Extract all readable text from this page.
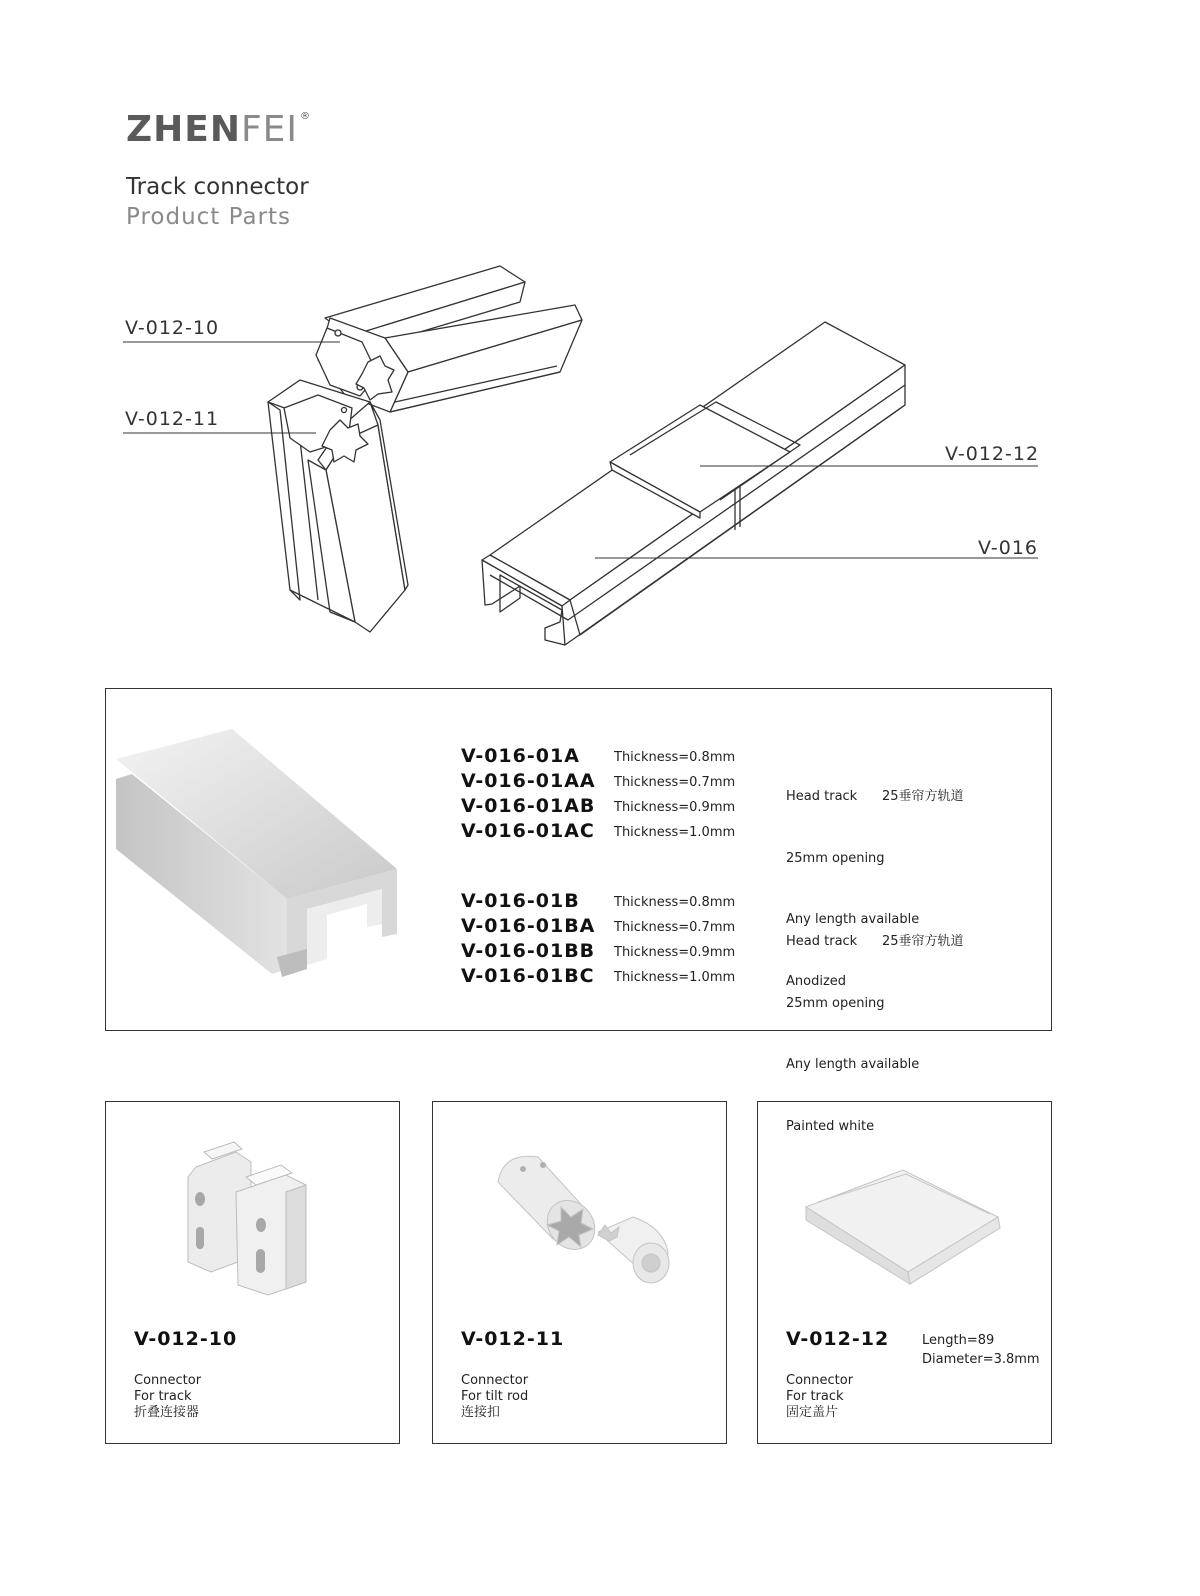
ZHENFEI ®
Track connector
Product Parts
V-012-10
V-012-11
V-012-12
V-016
V-016-01A
V-016-01AA
V-016-01AB
V-016-01AC
Thickness=0.8mm
Thickness=0.7mm
Thickness=0.9mm
Thickness=1.0mm

Head track      25垂帘方轨道

25mm opening

Any length available

Anodized

V-016-01B
V-016-01BA
V-016-01BB
V-016-01BC
Thickness=0.8mm
Thickness=0.7mm
Thickness=0.9mm
Thickness=1.0mm

Head track      25垂帘方轨道

25mm opening

Any length available

Painted white

V-012-10
Connector
For track
折叠连接器
V-012-11
Connector
For tilt rod
连接扣
V-012-12	Length=89
Diameter=3.8mm
Connector
For track
固定盖片
